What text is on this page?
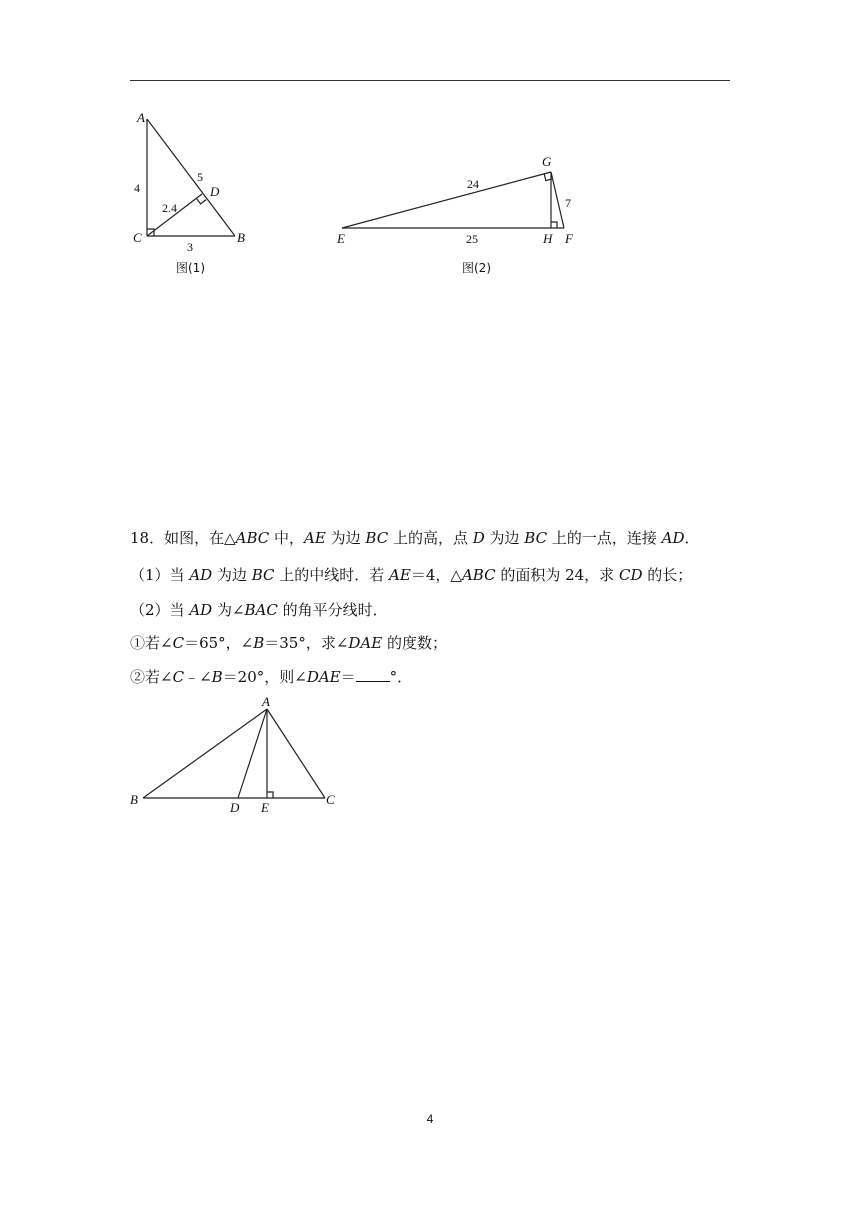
A
C	B
D
4
5
3
2.4
图(1)
G
E	H F
24
7
25
图(2)
18．如图，在△ABC 中，AE 为边 BC 上的高，点 D 为边 BC 上的一点，连接 AD．
（1）当 AD 为边 BC 上的中线时．若 AE＝4，△ABC 的面积为 24，求 CD 的长；
（2）当 AD 为∠BAC 的角平分线时．
①若∠C＝65°，∠B＝35°，求∠DAE 的度数；
②若∠C﹣∠B＝20°，则∠DAE＝ °．
A
B
D E
C
4
